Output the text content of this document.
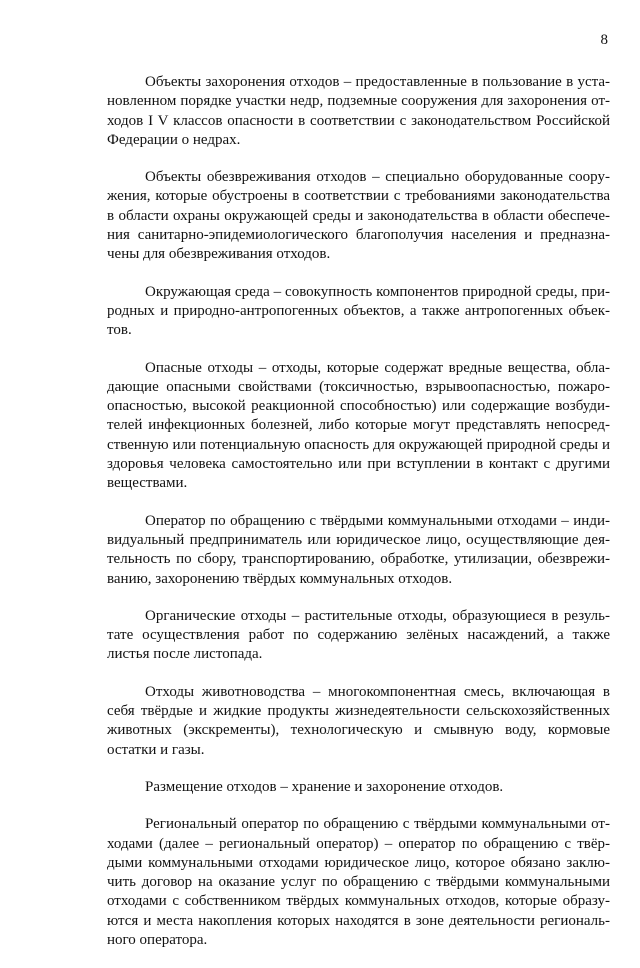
8

Объекты захоронения отходов – предоставленные в пользование в установленном порядке участки недр, подземные сооружения для захоронения отходов I V классов опасности в соответствии с законодательством Российской Федерации о недрах.

Объекты обезвреживания отходов – специально оборудованные сооружения, которые обустроены в соответствии с требованиями законодательства в области охраны окружающей среды и законодательства в области обеспечения санитарно-эпидемиологического благополучия населения и предназначены для обезвреживания отходов.

Окружающая среда – совокупность компонентов природной среды, природных и природно-антропогенных объектов, а также антропогенных объектов.

Опасные отходы – отходы, которые содержат вредные вещества, обладающие опасными свойствами (токсичностью, взрывоопасностью, пожароопасностью, высокой реакционной способностью) или содержащие возбудителей инфекционных болезней, либо которые могут представлять непосредственную или потенциальную опасность для окружающей природной среды и здоровья человека самостоятельно или при вступлении в контакт с другими веществами.

Оператор по обращению с твёрдыми коммунальными отходами – индивидуальный предприниматель или юридическое лицо, осуществляющие деятельность по сбору, транспортированию, обработке, утилизации, обезвреживанию, захоронению твёрдых коммунальных отходов.

Органические отходы – растительные отходы, образующиеся в результате осуществления работ по содержанию зелёных насаждений, а также листья после листопада.

Отходы животноводства – многокомпонентная смесь, включающая в себя твёрдые и жидкие продукты жизнедеятельности сельскохозяйственных животных (экскременты), технологическую и смывную воду, кормовые остатки и газы.

Размещение отходов – хранение и захоронение отходов.

Региональный оператор по обращению с твёрдыми коммунальными отходами (далее – региональный оператор) – оператор по обращению с твёрдыми коммунальными отходами юридическое лицо, которое обязано заключить договор на оказание услуг по обращению с твёрдыми коммунальными отходами с собственником твёрдых коммунальных отходов, которые образуются и места накопления которых находятся в зоне деятельности регионального оператора.
